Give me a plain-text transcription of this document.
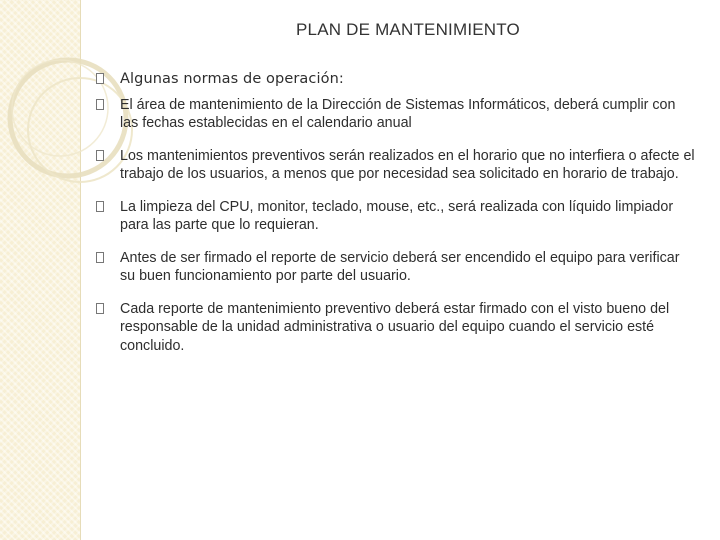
PLAN DE MANTENIMIENTO
Algunas normas de operación:
El área de mantenimiento de la Dirección de Sistemas Informáticos, deberá cumplir con las fechas establecidas en el calendario anual
Los mantenimientos preventivos serán realizados en el horario que no interfiera o afecte el trabajo de los usuarios, a menos que por necesidad sea solicitado en horario de trabajo.
La limpieza del CPU, monitor, teclado, mouse, etc., será realizada con líquido limpiador para las parte que lo requieran.
Antes de ser firmado el reporte de servicio deberá ser encendido el equipo para verificar su buen funcionamiento por parte del usuario.
Cada reporte de mantenimiento preventivo deberá estar firmado con el visto bueno del responsable de la unidad administrativa o usuario del equipo cuando el servicio esté concluido.
